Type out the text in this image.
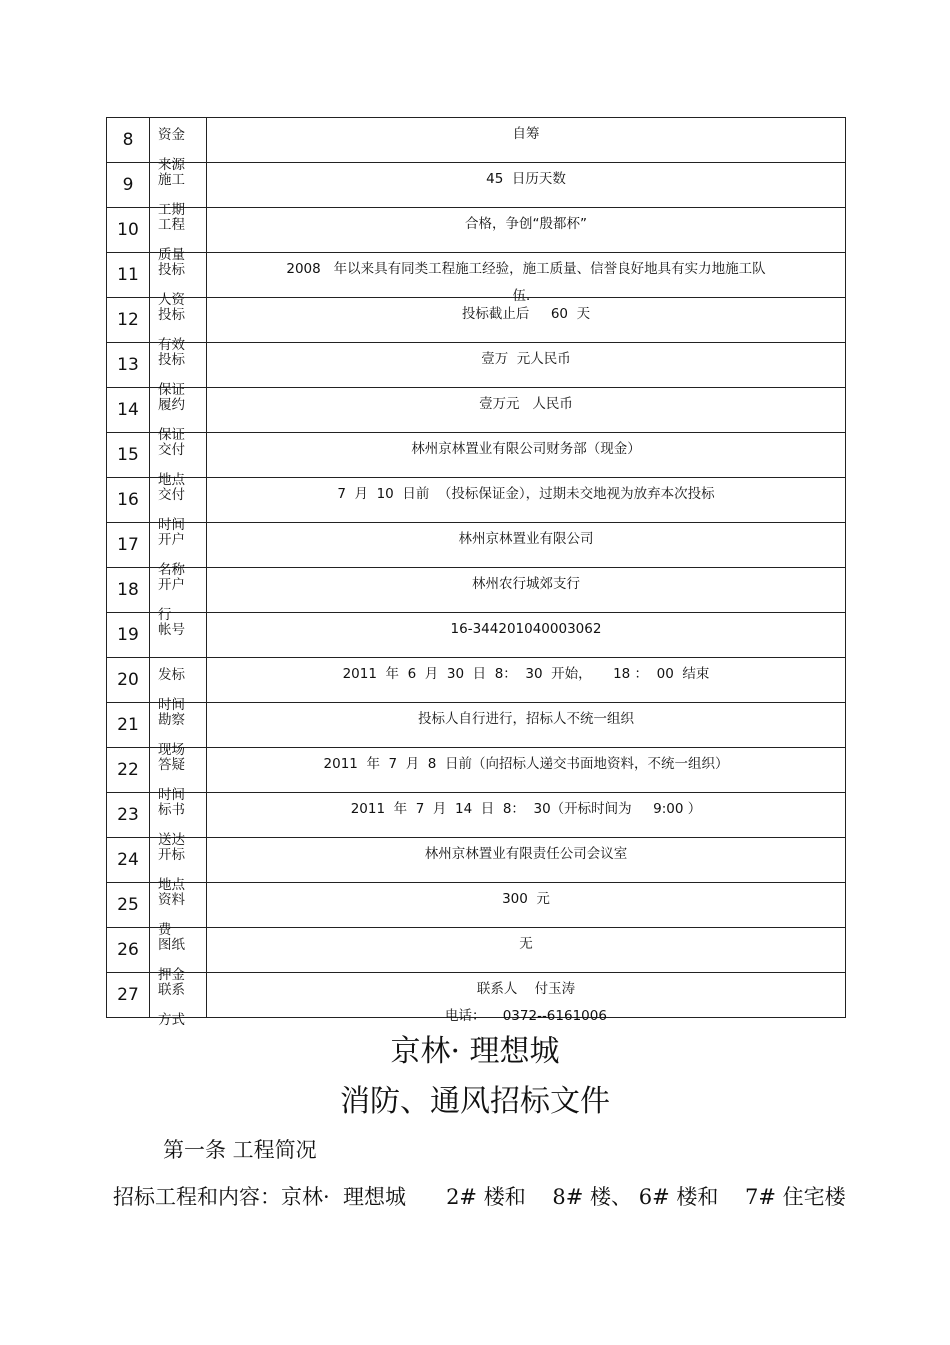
8	资金来源	自筹

9	施工工期	45  日历天数

10	工程质量	合格，争创“殷都杯”

11	投标人资	2008   年以来具有同类工程施工经验，施工质量、信誉良好地具有实力地施工队
伍．

12	投标有效	投标截止后     60  天

13	投标保证	壹万  元人民币

14	履约保证	壹万元   人民币

15	交付地点	林州京林置业有限公司财务部（现金）

16	交付时间	7  月  10  日前  （投标保证金），过期未交地视为放弃本次投标

17	开户名称	林州京林置业有限公司

18	开户行	林州农行城郊支行

19	帐号	16-344201040003062

20	发标时间	2011  年  6  月  30  日  8：  30  开始，     18 ：  00  结束

21	勘察现场	投标人自行进行，招标人不统一组织

22	答疑时间	2011  年  7  月  8  日前（向招标人递交书面地资料，不统一组织）

23	标书送达	2011  年  7  月  14  日  8：  30（开标时间为     9:00 ）

24	开标地点	林州京林置业有限责任公司会议室

25	资料费	300  元

26	图纸押金	无

27	联系方式	联系人    付玉涛
电话：    0372--6161006
京林· 理想城
消防、通风招标文件
第一条 工程简况
招标工程和内容：京林·  理想城      2# 楼和    8# 楼、 6# 楼和    7# 住宅楼
